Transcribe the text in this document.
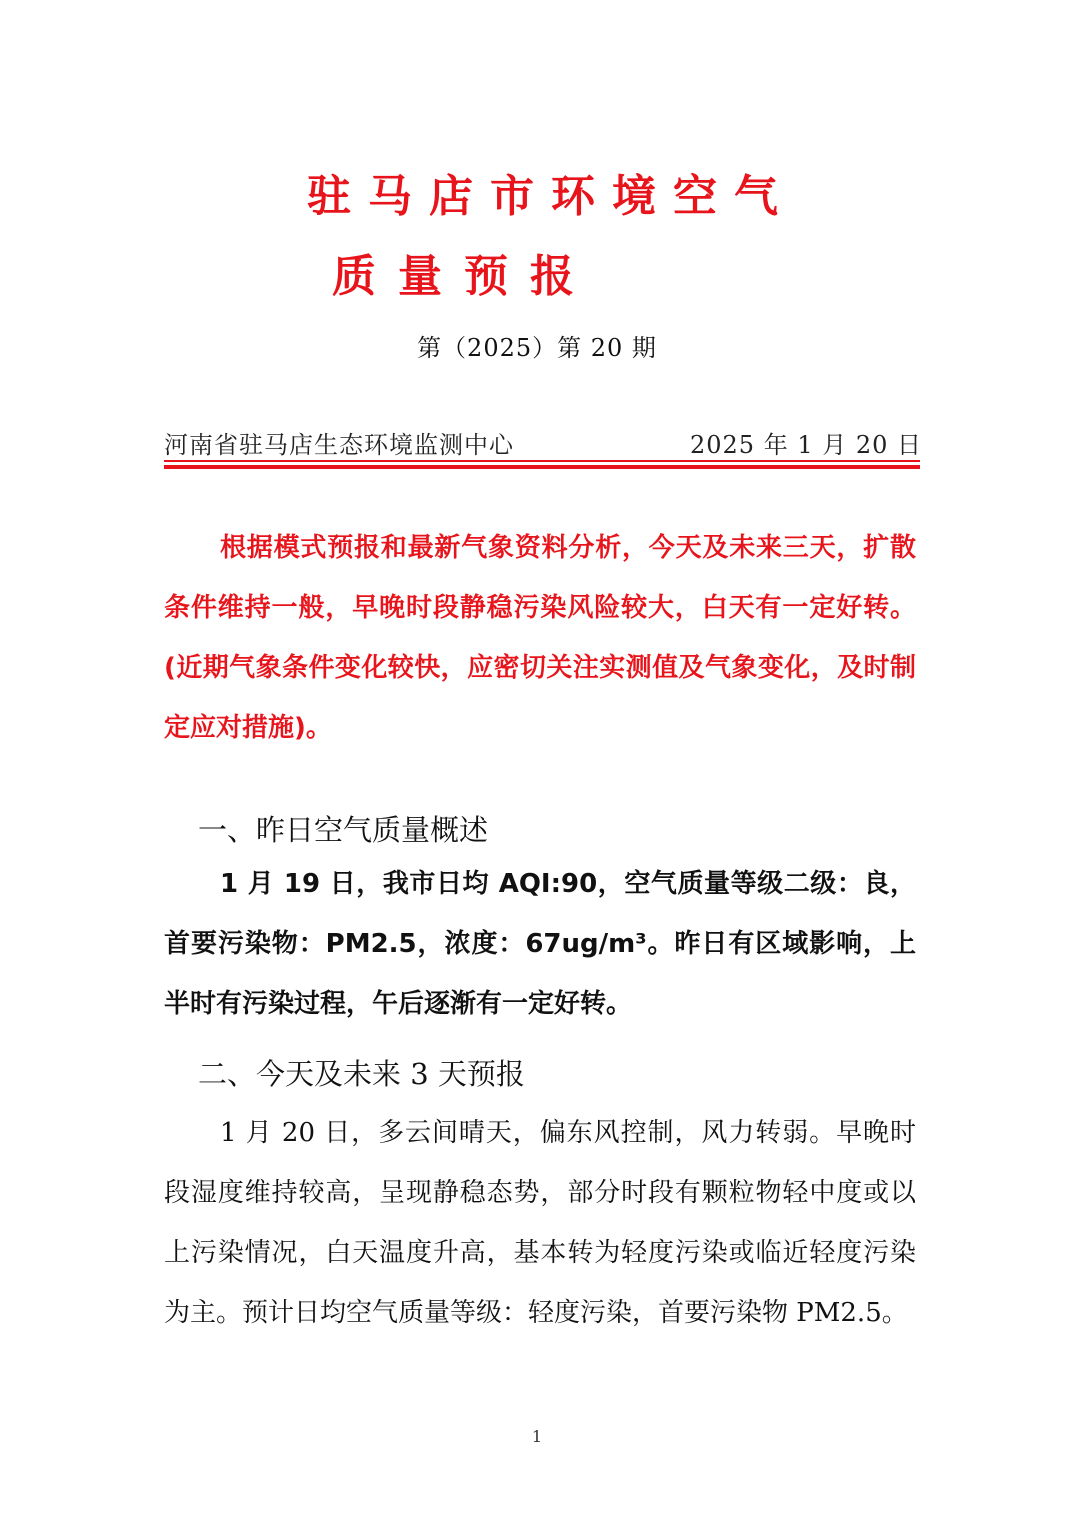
驻马店市环境空气
质量预报
第（2025）第 20 期
河南省驻马店生态环境监测中心	2025 年 1 月 20 日

根据模式预报和最新气象资料分析，今天及未来三天，扩散条件维持一般，早晚时段静稳污染风险较大，白天有一定好转。(近期气象条件变化较快，应密切关注实测值及气象变化，及时制定应对措施)。

一、昨日空气质量概述

1 月 19 日，我市日均 AQI:90，空气质量等级二级：良，首要污染物：PM2.5，浓度：67ug/m³。昨日有区域影响，上半时有污染过程，午后逐渐有一定好转。

二、今天及未来 3 天预报

1 月 20 日，多云间晴天，偏东风控制，风力转弱。早晚时段湿度维持较高，呈现静稳态势，部分时段有颗粒物轻中度或以上污染情况，白天温度升高，基本转为轻度污染或临近轻度污染为主。预计日均空气质量等级：轻度污染，首要污染物 PM2.5。

1
